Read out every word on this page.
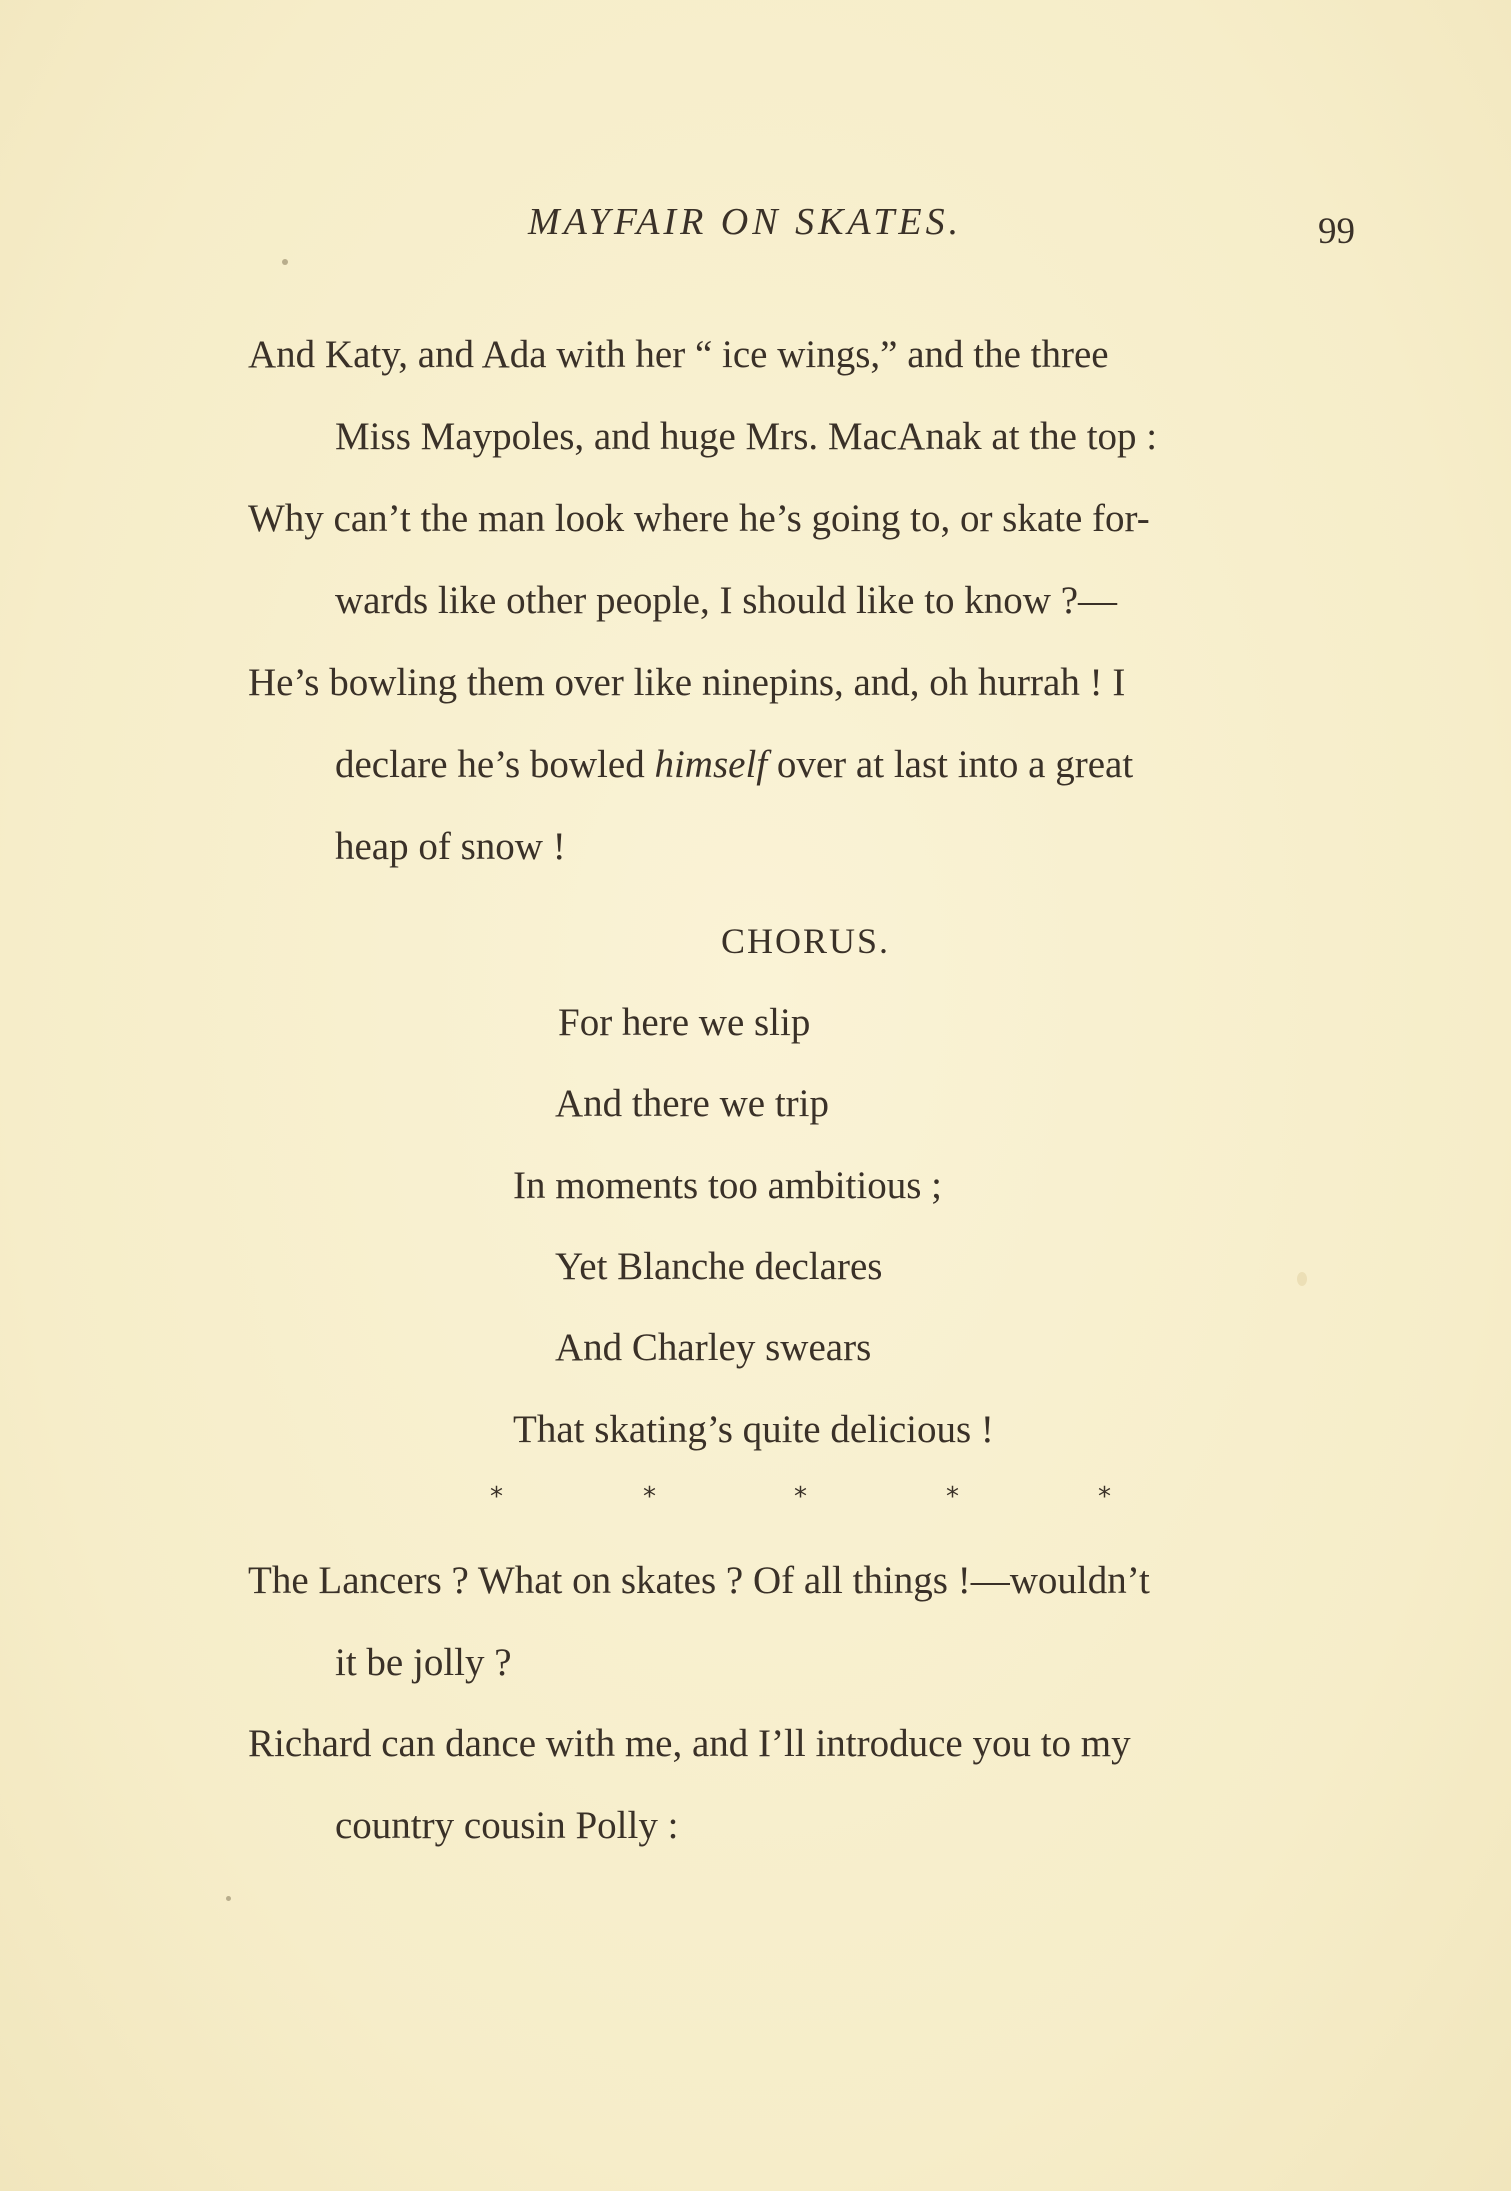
MAYFAIR ON SKATES.	99
And Katy, and Ada with her “ ice wings,” and the three
Miss Maypoles, and huge Mrs. MacAnak at the top :
Why can’t the man look where he’s going to, or skate for-
wards like other people, I should like to know ?—
He’s bowling them over like ninepins, and, oh hurrah ! I
declare he’s bowled himself over at last into a great
heap of snow !
CHORUS.
For here we slip
And there we trip
In moments too ambitious ;
Yet Blanche declares
And Charley swears
That skating’s quite delicious !
*	*	*	*	*
The Lancers ? What on skates ? Of all things !—wouldn’t
it be jolly ?
Richard can dance with me, and I’ll introduce you to my
country cousin Polly :
